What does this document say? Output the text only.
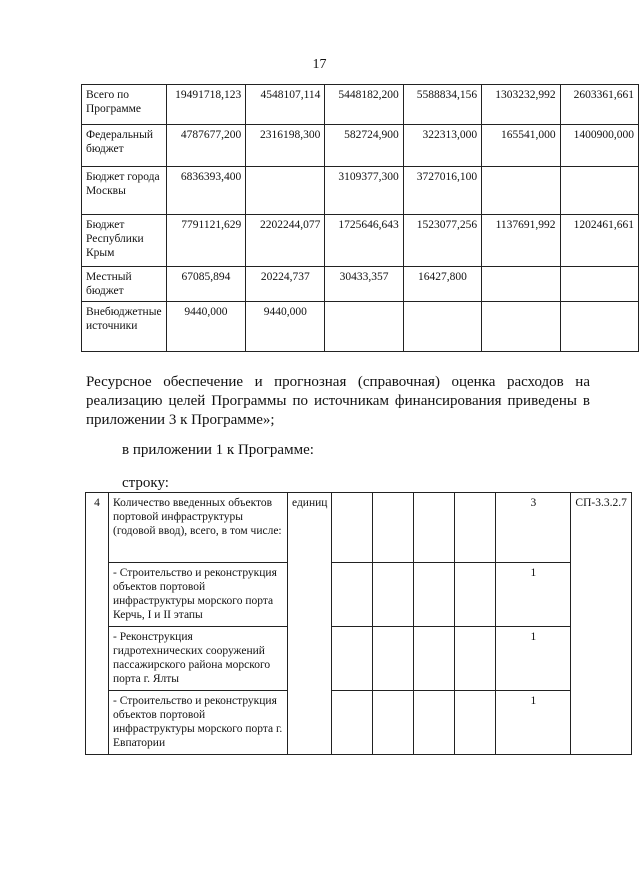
17
Всего по Программе	19491718,123	4548107,114	5448182,200	5588834,156	1303232,992	2603361,661
Федеральный бюджет	4787677,200	2316198,300	582724,900	322313,000	165541,000	1400900,000
Бюджет города Москвы	6836393,400		3109377,300	3727016,100		
Бюджет Республики Крым	7791121,629	2202244,077	1725646,643	1523077,256	1137691,992	1202461,661
Местный бюджет	67085,894	20224,737	30433,357	16427,800		
Внебюджетные источники	9440,000	9440,000				
Ресурсное обеспечение и прогнозная (справочная) оценка расходов на реализацию целей Программы по источникам финансирования приведены в приложении 3 к Программе»;
в приложении 1 к Программе:
строку:
4	Количество введенных объектов портовой инфраструктуры (годовой ввод), всего, в том числе:	единиц					3	СП-3.3.2.7
	- Строительство и реконструкция объектов портовой инфраструктуры морского порта Керчь, I и II этапы						1	
	- Реконструкция гидротехнических сооружений пассажирского района морского порта г. Ялты						1	
	- Строительство и реконструкция объектов портовой инфраструктуры морского порта г. Евпатории						1	
